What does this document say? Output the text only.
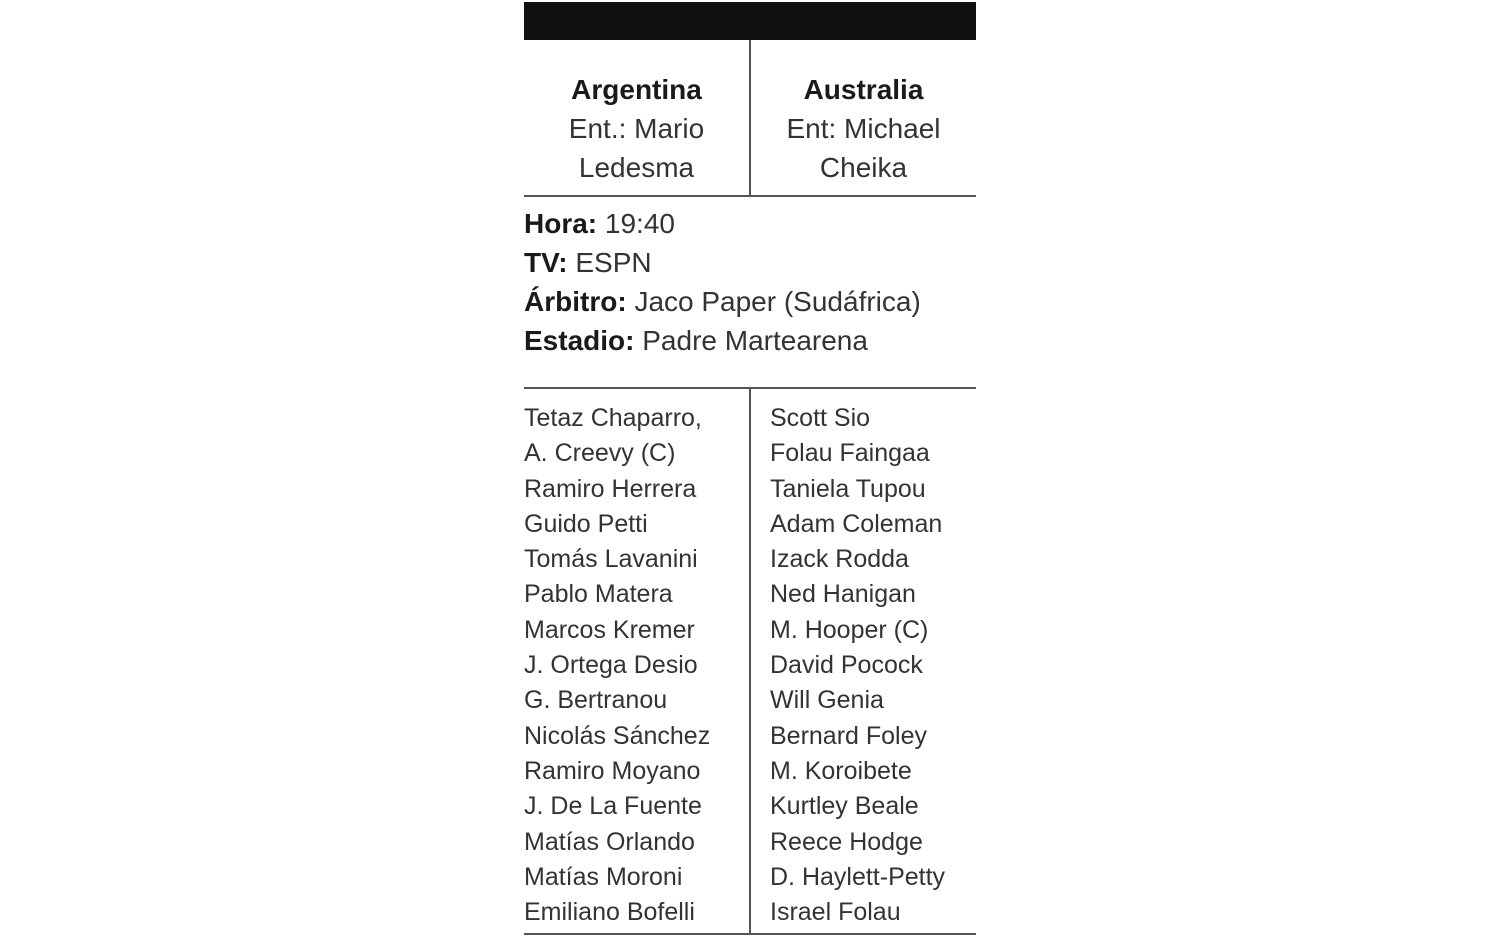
Argentina
Ent.: Mario
Ledesma
Australia
Ent: Michael
Cheika
Hora: 19:40
TV: ESPN
Árbitro: Jaco Paper (Sudáfrica)
Estadio: Padre Martearena
Tetaz Chaparro,
A. Creevy (C)
Ramiro Herrera
Guido Petti
Tomás Lavanini
Pablo Matera
Marcos Kremer
J. Ortega Desio
G. Bertranou
Nicolás Sánchez
Ramiro Moyano
J. De La Fuente
Matías Orlando
Matías Moroni
Emiliano Bofelli
Scott Sio
Folau Faingaa
Taniela Tupou
Adam Coleman
Izack Rodda
Ned Hanigan
M. Hooper (C)
David Pocock
Will Genia
Bernard Foley
M. Koroibete
Kurtley Beale
Reece Hodge
D. Haylett-Petty
Israel Folau
